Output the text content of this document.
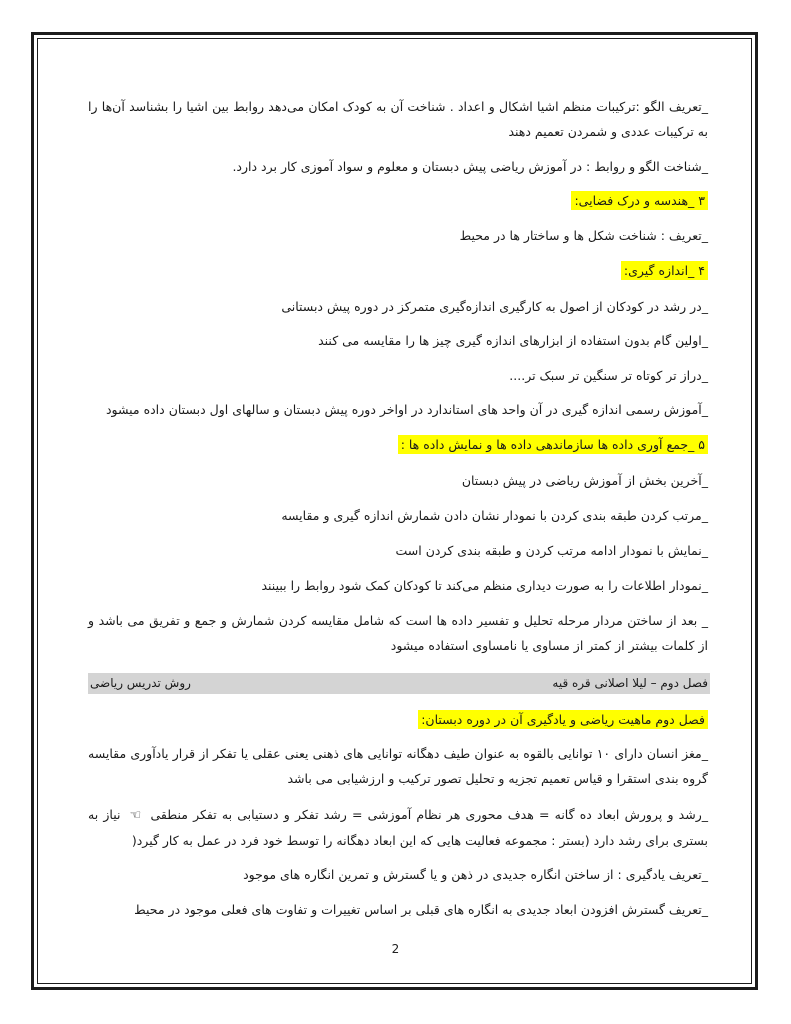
_تعریف الگو :ترکیبات منظم اشیا اشکال و اعداد . شناخت آن به کودک امکان می‌دهد روابط بین اشیا را بشناسد آن‌ها را به ترکیبات عددی و شمردن تعمیم دهند
_شناخت الگو و روابط : در آموزش ریاضی پیش دبستان و معلوم و سواد آموزی کار برد دارد.
۳ _هندسه و درک فضایی:
_تعریف : شناخت شکل ها و ساختار ها در محیط
۴ _اندازه گیری:
_در رشد در کودکان از اصول به کارگیری اندازه‌گیری متمرکز در دوره پیش دبستانی
_اولین گام بدون استفاده از ابزارهای اندازه گیری چیز ها را مقایسه می کنند
_دراز تر کوتاه تر سنگین تر سبک تر....
_آموزش رسمی اندازه گیری در آن واحد های استاندارد در اواخر دوره پیش دبستان و سالهای اول دبستان داده میشود
۵ _جمع آوری داده ها سازماندهی داده ها و نمایش داده ها :
_آخرین بخش از آموزش ریاضی در پیش دبستان
_مرتب کردن طبقه بندی کردن با نمودار نشان دادن شمارش اندازه گیری و مقایسه
_نمایش با نمودار ادامه مرتب کردن و طبقه بندی کردن است
_نمودار اطلاعات را به صورت دیداری منظم می‌کند تا کودکان کمک شود روابط را ببینند
_ بعد از ساختن مردار مرحله تحلیل و تفسیر داده ها است که شامل مقایسه کردن شمارش و جمع و تفریق می باشد و از کلمات بیشتر از کمتر از مساوی یا نامساوی استفاده میشود
فصل دوم – لیلا اصلانی قره قیه
روش تدریس ریاضی
فصل دوم ماهیت ریاضی و یادگیری آن در دوره دبستان:
_مغز انسان دارای ۱۰ توانایی بالقوه به عنوان طیف دهگانه توانایی های ذهنی یعنی عقلی یا تفکر از قرار یادآوری مقایسه گروه بندی استقرا و قیاس تعمیم تجزیه و تحلیل تصور ترکیب و ارزشیابی می باشد
_رشد و پرورش ابعاد ده گانه = هدف محوری هر نظام آموزشی = رشد تفکر و دستیابی به تفکر منطقی ☜ نیاز به بستری برای رشد دارد (بستر : مجموعه فعالیت هایی که این ابعاد دهگانه را توسط خود فرد در عمل به کار گیرد(
_تعریف یادگیری : از ساختن انگاره جدیدی در ذهن و یا گسترش و تمرین انگاره های موجود
_تعریف گسترش افزودن ابعاد جدیدی به انگاره های قبلی بر اساس تغییرات و تفاوت های فعلی موجود در محیط
2
